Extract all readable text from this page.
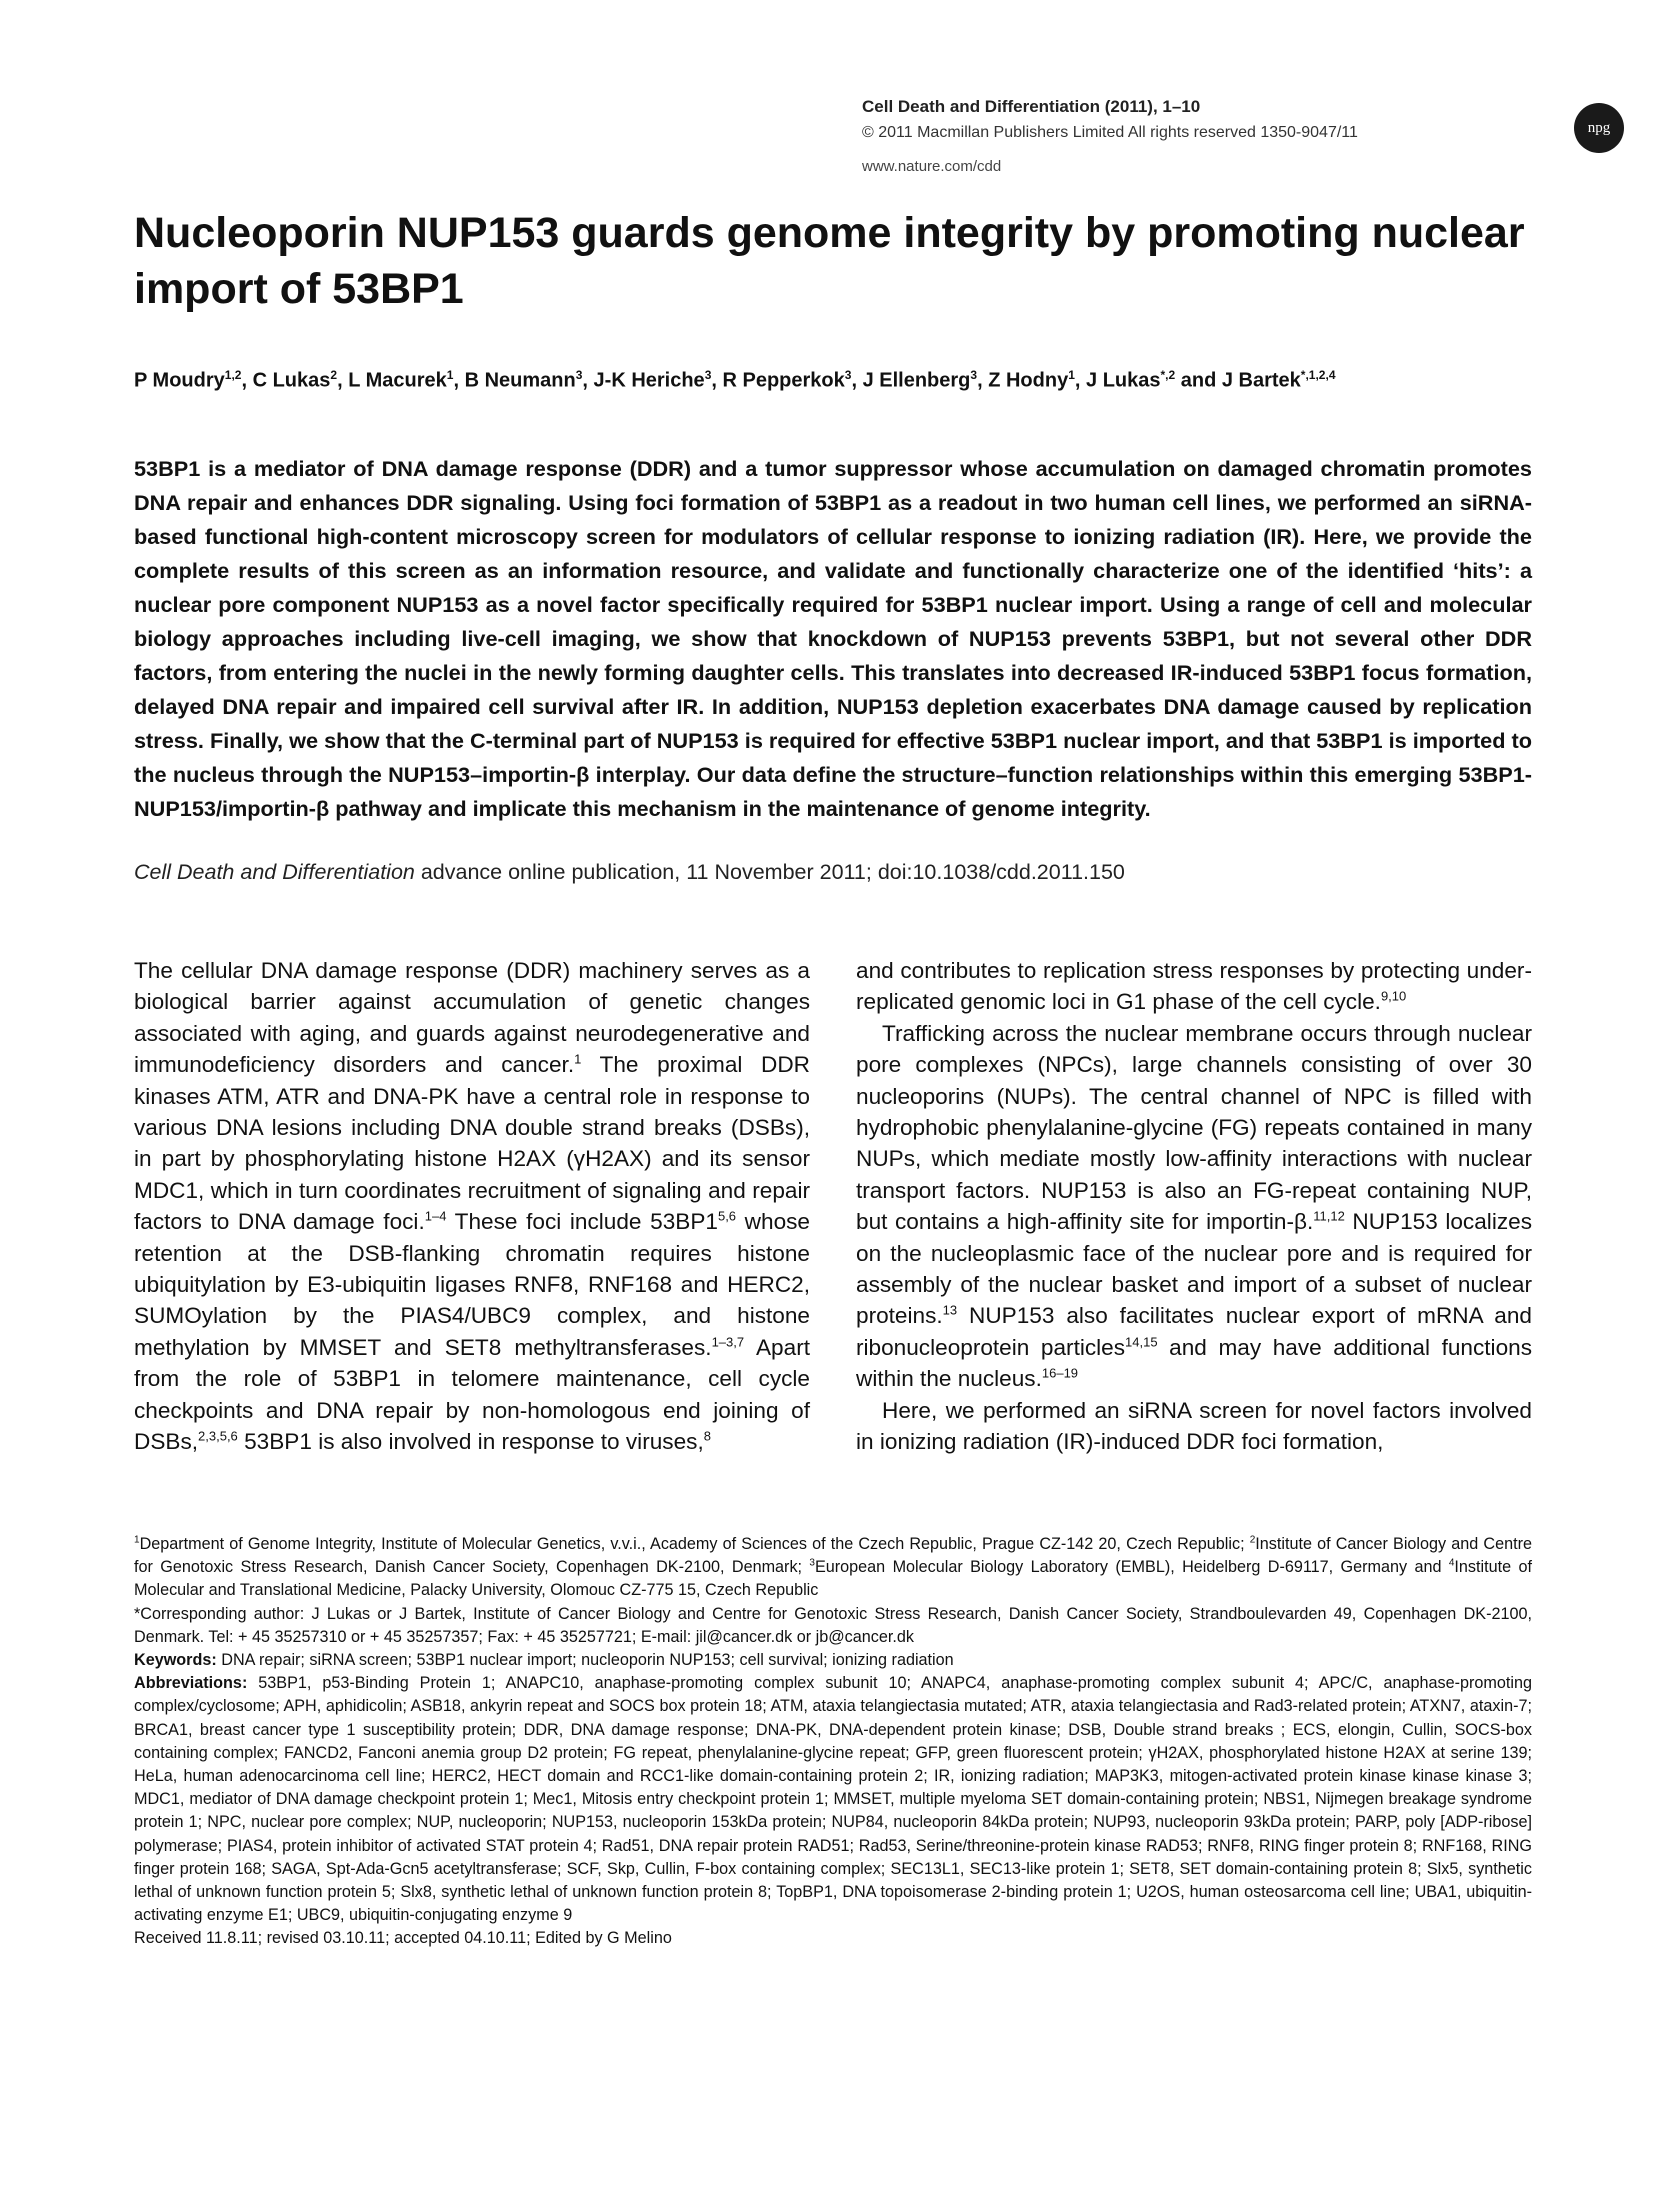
Cell Death and Differentiation (2011), 1–10
© 2011 Macmillan Publishers Limited All rights reserved 1350-9047/11
www.nature.com/cdd
npg
Nucleoporin NUP153 guards genome integrity by promoting nuclear import of 53BP1
P Moudry$^{1,2}$, C Lukas$^2$, L Macurek$^1$, B Neumann$^3$, J-K Heriche$^3$, R Pepperkok$^3$, J Ellenberg$^3$, Z Hodny$^1$, J Lukas$^{*,2}$ and J Bartek$^{*,1,2,4}$
53BP1 is a mediator of DNA damage response (DDR) and a tumor suppressor whose accumulation on damaged chromatin promotes DNA repair and enhances DDR signaling. Using foci formation of 53BP1 as a readout in two human cell lines, we performed an siRNA-based functional high-content microscopy screen for modulators of cellular response to ionizing radiation (IR). Here, we provide the complete results of this screen as an information resource, and validate and functionally characterize one of the identified ‘hits’: a nuclear pore component NUP153 as a novel factor specifically required for 53BP1 nuclear import. Using a range of cell and molecular biology approaches including live-cell imaging, we show that knockdown of NUP153 prevents 53BP1, but not several other DDR factors, from entering the nuclei in the newly forming daughter cells. This translates into decreased IR-induced 53BP1 focus formation, delayed DNA repair and impaired cell survival after IR. In addition, NUP153 depletion exacerbates DNA damage caused by replication stress. Finally, we show that the C-terminal part of NUP153 is required for effective 53BP1 nuclear import, and that 53BP1 is imported to the nucleus through the NUP153–importin-β interplay. Our data define the structure–function relationships within this emerging 53BP1-NUP153/importin-β pathway and implicate this mechanism in the maintenance of genome integrity.
Cell Death and Differentiation advance online publication, 11 November 2011; doi:10.1038/cdd.2011.150

The cellular DNA damage response (DDR) machinery serves as a biological barrier against accumulation of genetic changes associated with aging, and guards against neurodegenerative and immunodeficiency disorders and cancer.$^1$ The proximal DDR kinases ATM, ATR and DNA-PK have a central role in response to various DNA lesions including DNA double strand breaks (DSBs), in part by phosphorylating histone H2AX (γH2AX) and its sensor MDC1, which in turn coordinates recruitment of signaling and repair factors to DNA damage foci.$^{1-4}$ These foci include 53BP1$^{5,6}$ whose retention at the DSB-flanking chromatin requires histone ubiquitylation by E3-ubiquitin ligases RNF8, RNF168 and HERC2, SUMOylation by the PIAS4/UBC9 complex, and histone methylation by MMSET and SET8 methyltransferases.$^{1-3,7}$ Apart from the role of 53BP1 in telomere maintenance, cell cycle checkpoints and DNA repair by non-homologous end joining of DSBs,$^{2,3,5,6}$ 53BP1 is also involved in response to viruses,$^8$

and contributes to replication stress responses by protecting under-replicated genomic loci in G1 phase of the cell cycle.$^{9,10}$

Trafficking across the nuclear membrane occurs through nuclear pore complexes (NPCs), large channels consisting of over 30 nucleoporins (NUPs). The central channel of NPC is filled with hydrophobic phenylalanine-glycine (FG) repeats contained in many NUPs, which mediate mostly low-affinity interactions with nuclear transport factors. NUP153 is also an FG-repeat containing NUP, but contains a high-affinity site for importin-β.$^{11,12}$ NUP153 localizes on the nucleoplasmic face of the nuclear pore and is required for assembly of the nuclear basket and import of a subset of nuclear proteins.$^{13}$ NUP153 also facilitates nuclear export of mRNA and ribonucleoprotein particles$^{14,15}$ and may have additional functions within the nucleus.$^{16-19}$

Here, we performed an siRNA screen for novel factors involved in ionizing radiation (IR)-induced DDR foci formation,

$^1$Department of Genome Integrity, Institute of Molecular Genetics, v.v.i., Academy of Sciences of the Czech Republic, Prague CZ-142 20, Czech Republic; $^2$Institute of Cancer Biology and Centre for Genotoxic Stress Research, Danish Cancer Society, Copenhagen DK-2100, Denmark; $^3$European Molecular Biology Laboratory (EMBL), Heidelberg D-69117, Germany and $^4$Institute of Molecular and Translational Medicine, Palacky University, Olomouc CZ-775 15, Czech Republic

*Corresponding author: J Lukas or J Bartek, Institute of Cancer Biology and Centre for Genotoxic Stress Research, Danish Cancer Society, Strandboulevarden 49, Copenhagen DK-2100, Denmark. Tel: + 45 35257310 or + 45 35257357; Fax: + 45 35257721; E-mail: jil@cancer.dk or jb@cancer.dk

Keywords: DNA repair; siRNA screen; 53BP1 nuclear import; nucleoporin NUP153; cell survival; ionizing radiation

Abbreviations: 53BP1, p53-Binding Protein 1; ANAPC10, anaphase-promoting complex subunit 10; ANAPC4, anaphase-promoting complex subunit 4; APC/C, anaphase-promoting complex/cyclosome; APH, aphidicolin; ASB18, ankyrin repeat and SOCS box protein 18; ATM, ataxia telangiectasia mutated; ATR, ataxia telangiectasia and Rad3-related protein; ATXN7, ataxin-7; BRCA1, breast cancer type 1 susceptibility protein; DDR, DNA damage response; DNA-PK, DNA-dependent protein kinase; DSB, Double strand breaks ; ECS, elongin, Cullin, SOCS-box containing complex; FANCD2, Fanconi anemia group D2 protein; FG repeat, phenylalanine-glycine repeat; GFP, green fluorescent protein; γH2AX, phosphorylated histone H2AX at serine 139; HeLa, human adenocarcinoma cell line; HERC2, HECT domain and RCC1-like domain-containing protein 2; IR, ionizing radiation; MAP3K3, mitogen-activated protein kinase kinase kinase 3; MDC1, mediator of DNA damage checkpoint protein 1; Mec1, Mitosis entry checkpoint protein 1; MMSET, multiple myeloma SET domain-containing protein; NBS1, Nijmegen breakage syndrome protein 1; NPC, nuclear pore complex; NUP, nucleoporin; NUP153, nucleoporin 153kDa protein; NUP84, nucleoporin 84kDa protein; NUP93, nucleoporin 93kDa protein; PARP, poly [ADP-ribose] polymerase; PIAS4, protein inhibitor of activated STAT protein 4; Rad51, DNA repair protein RAD51; Rad53, Serine/threonine-protein kinase RAD53; RNF8, RING finger protein 8; RNF168, RING finger protein 168; SAGA, Spt-Ada-Gcn5 acetyltransferase; SCF, Skp, Cullin, F-box containing complex; SEC13L1, SEC13-like protein 1; SET8, SET domain-containing protein 8; Slx5, synthetic lethal of unknown function protein 5; Slx8, synthetic lethal of unknown function protein 8; TopBP1, DNA topoisomerase 2-binding protein 1; U2OS, human osteosarcoma cell line; UBA1, ubiquitin-activating enzyme E1; UBC9, ubiquitin-conjugating enzyme 9

Received 11.8.11; revised 03.10.11; accepted 04.10.11; Edited by G Melino
